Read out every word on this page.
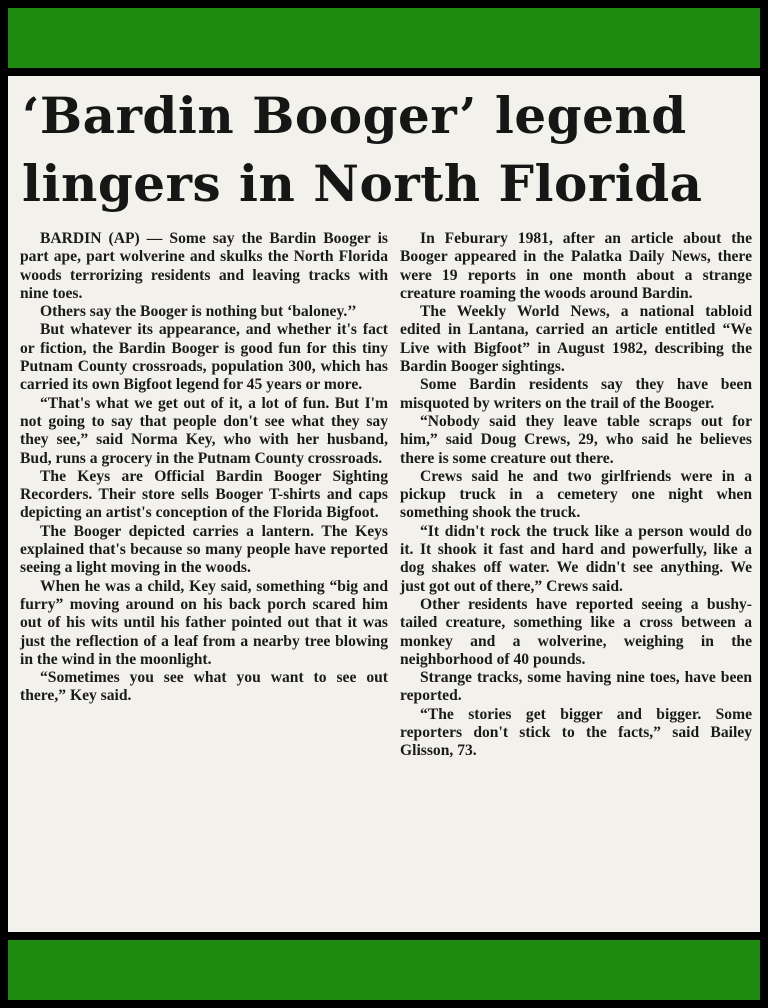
‘Bardin Booger’ legend
lingers in North Florida

BARDIN (AP) — Some say the Bardin Booger is part ape, part wolverine and skulks the North Florida woods terrorizing residents and leaving tracks with nine toes.

Others say the Booger is nothing but ‘baloney.’’

But whatever its appearance, and whether it's fact or fiction, the Bardin Booger is good fun for this tiny Putnam County crossroads, population 300, which has carried its own Bigfoot legend for 45 years or more.

“That's what we get out of it, a lot of fun. But I'm not going to say that people don't see what they say they see,” said Norma Key, who with her husband, Bud, runs a grocery in the Putnam County crossroads.

The Keys are Official Bardin Booger Sighting Recorders. Their store sells Booger T-shirts and caps depicting an artist's conception of the Florida Bigfoot.

The Booger depicted carries a lantern. The Keys explained that's because so many people have reported seeing a light moving in the woods.

When he was a child, Key said, something “big and furry” moving around on his back porch scared him out of his wits until his father pointed out that it was just the reflection of a leaf from a nearby tree blowing in the wind in the moonlight.

“Sometimes you see what you want to see out there,” Key said.

In Feburary 1981, after an article about the Booger appeared in the Palatka Daily News, there were 19 reports in one month about a strange creature roaming the woods around Bardin.

The Weekly World News, a national tabloid edited in Lantana, carried an article entitled “We Live with Bigfoot” in August 1982, describing the Bardin Booger sightings.

Some Bardin residents say they have been misquoted by writers on the trail of the Booger.

“Nobody said they leave table scraps out for him,” said Doug Crews, 29, who said he believes there is some creature out there.

Crews said he and two girlfriends were in a pickup truck in a cemetery one night when something shook the truck.

“It didn't rock the truck like a person would do it. It shook it fast and hard and powerfully, like a dog shakes off water. We didn't see anything. We just got out of there,” Crews said.

Other residents have reported seeing a bushy-tailed creature, something like a cross between a monkey and a wolverine, weighing in the neighborhood of 40 pounds.

Strange tracks, some having nine toes, have been reported.

“The stories get bigger and bigger. Some reporters don't stick to the facts,” said Bailey Glisson, 73.
